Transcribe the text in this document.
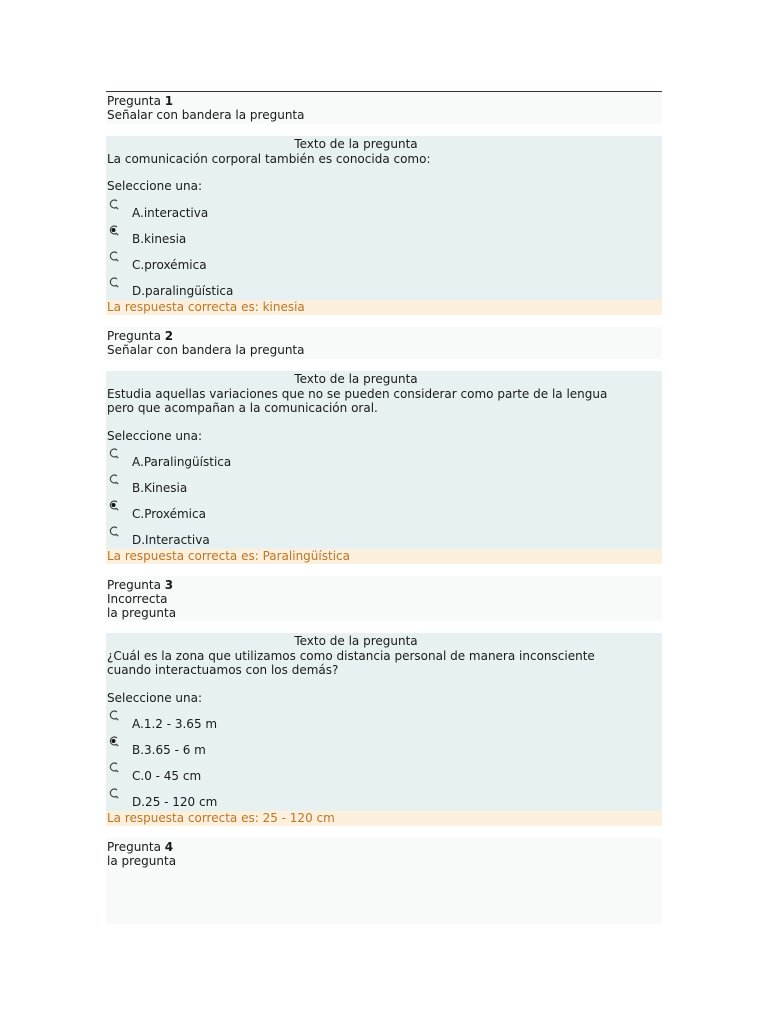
Pregunta 1
Señalar con bandera la pregunta
Texto de la pregunta
La comunicación corporal también es conocida como:
Seleccione una:
A.interactiva
B.kinesia
C.proxémica
D.paralingüística
La respuesta correcta es: kinesia
Pregunta 2
Señalar con bandera la pregunta
Texto de la pregunta
Estudia aquellas variaciones que no se pueden considerar como parte de la lengua pero que acompañan a la comunicación oral.
Seleccione una:
A.Paralingüística
B.Kinesia
C.Proxémica
D.Interactiva
La respuesta correcta es: Paralingüística
Pregunta 3
Incorrecta
la pregunta
Texto de la pregunta
¿Cuál es la zona que utilizamos como distancia personal de manera inconsciente cuando interactuamos con los demás?
Seleccione una:
A.1.2 - 3.65 m
B.3.65 - 6 m
C.0 - 45 cm
D.25 - 120 cm
La respuesta correcta es: 25 - 120 cm
Pregunta 4
la pregunta
